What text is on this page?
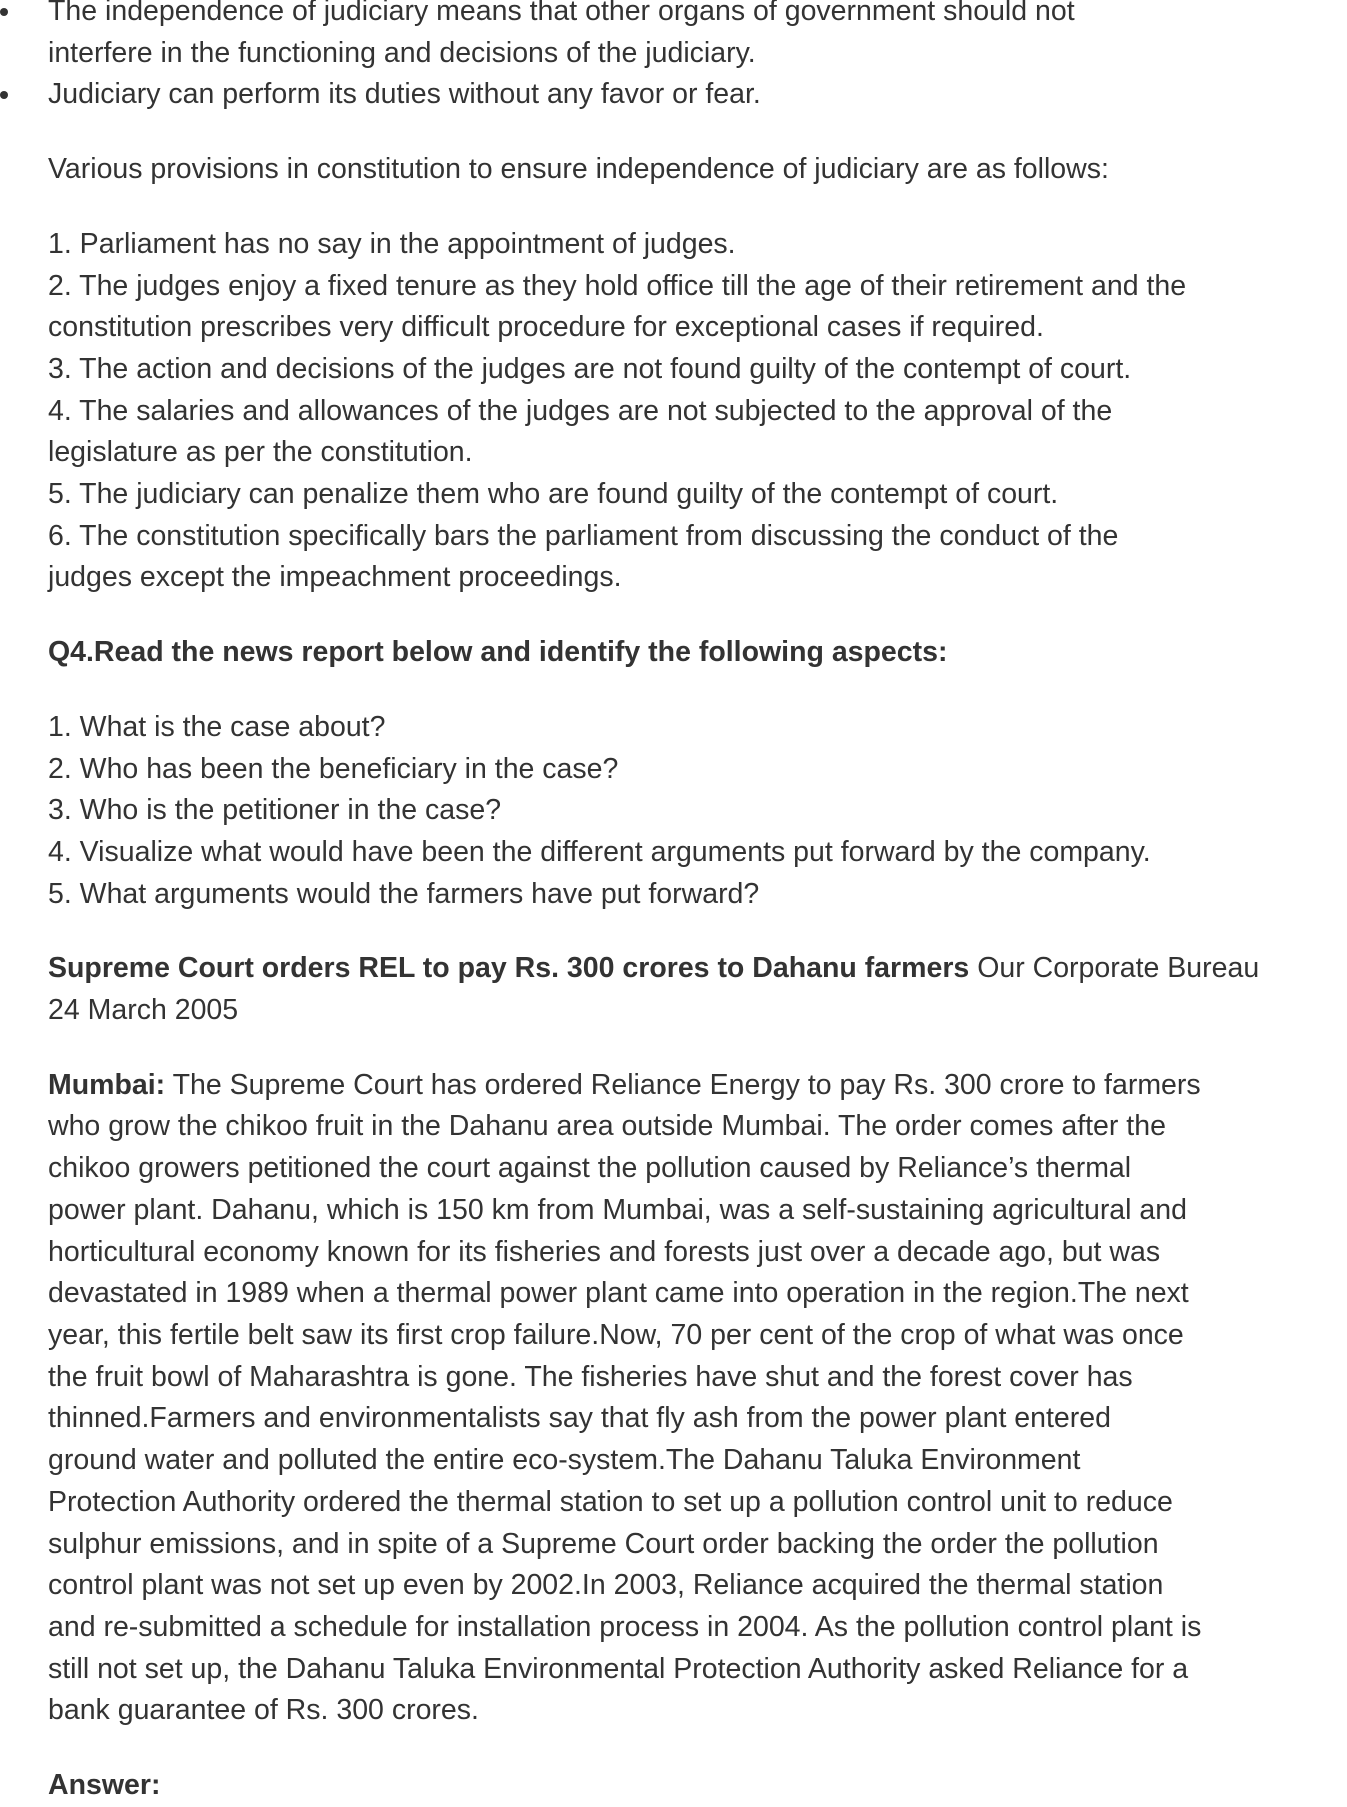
The independence of judiciary means that other organs of government should not interfere in the functioning and decisions of the judiciary.
Judiciary can perform its duties without any favor or fear.

Various provisions in constitution to ensure independence of judiciary are as follows:

1. Parliament has no say in the appointment of judges.

2. The judges enjoy a fixed tenure as they hold office till the age of their retirement and the constitution prescribes very difficult procedure for exceptional cases if required.

3. The action and decisions of the judges are not found guilty of the contempt of court.

4. The salaries and allowances of the judges are not subjected to the approval of the legislature as per the constitution.

5. The judiciary can penalize them who are found guilty of the contempt of court.

6. The constitution specifically bars the parliament from discussing the conduct of the judges except the impeachment proceedings.

Q4.Read the news report below and identify the following aspects:

1. What is the case about?

2. Who has been the beneficiary in the case?

3. Who is the petitioner in the case?

4. Visualize what would have been the different arguments put forward by the company.

5. What arguments would the farmers have put forward?

Supreme Court orders REL to pay Rs. 300 crores to Dahanu farmers Our Corporate Bureau

24 March 2005

Mumbai: The Supreme Court has ordered Reliance Energy to pay Rs. 300 crore to farmers who grow the chikoo fruit in the Dahanu area outside Mumbai. The order comes after the chikoo growers petitioned the court against the pollution caused by Reliance’s thermal power plant. Dahanu, which is 150 km from Mumbai, was a self-sustaining agricultural and horticultural economy known for its fisheries and forests just over a decade ago, but was devastated in 1989 when a thermal power plant came into operation in the region.The next year, this fertile belt saw its first crop failure.Now, 70 per cent of the crop of what was once the fruit bowl of Maharashtra is gone. The fisheries have shut and the forest cover has thinned.Farmers and environmentalists say that fly ash from the power plant entered ground water and polluted the entire eco-system.The Dahanu Taluka Environment Protection Authority ordered the thermal station to set up a pollution control unit to reduce sulphur emissions, and in spite of a Supreme Court order backing the order the pollution control plant was not set up even by 2002.In 2003, Reliance acquired the thermal station and re-submitted a schedule for installation process in 2004. As the pollution control plant is still not set up, the Dahanu Taluka Environmental Protection Authority asked Reliance for a bank guarantee of Rs. 300 crores.

Answer:
